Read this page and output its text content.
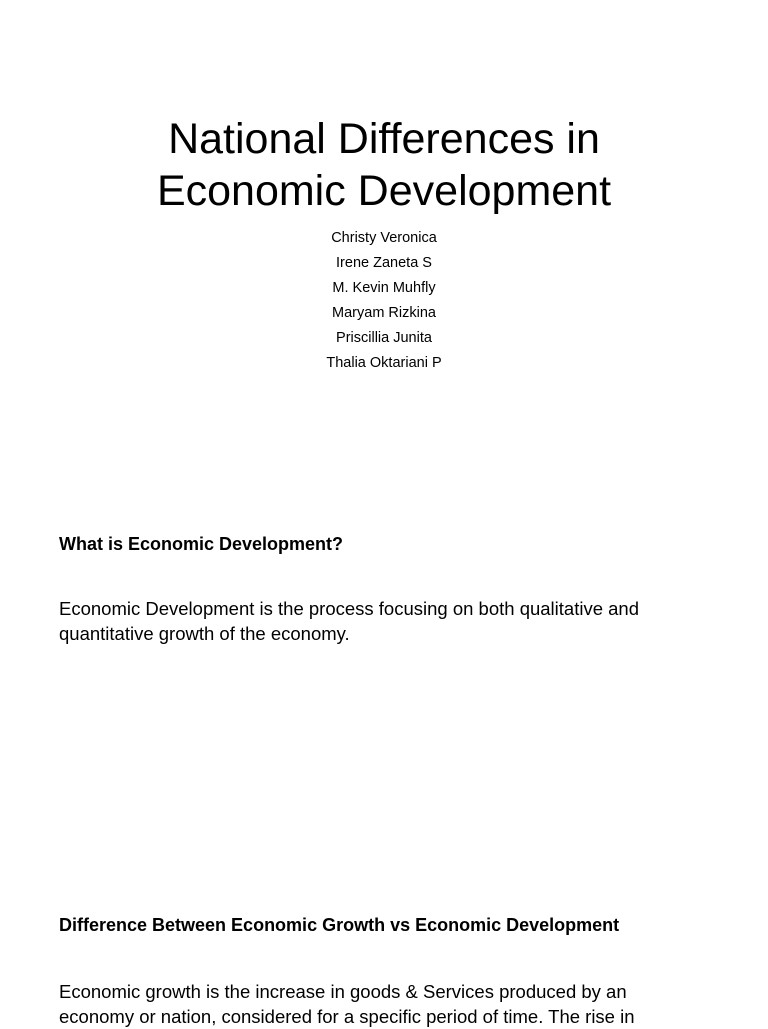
National Differences in
Economic Development
Christy Veronica
Irene Zaneta S
M. Kevin Muhfly
Maryam Rizkina
Priscillia Junita
Thalia Oktariani P
What is Economic Development?

Economic Development is the process focusing on both qualitative and
quantitative growth of the economy.

Difference Between Economic Growth vs Economic Development

Economic growth is the increase in goods & Services produced by an
economy or nation, considered for a specific period of time. The rise in
